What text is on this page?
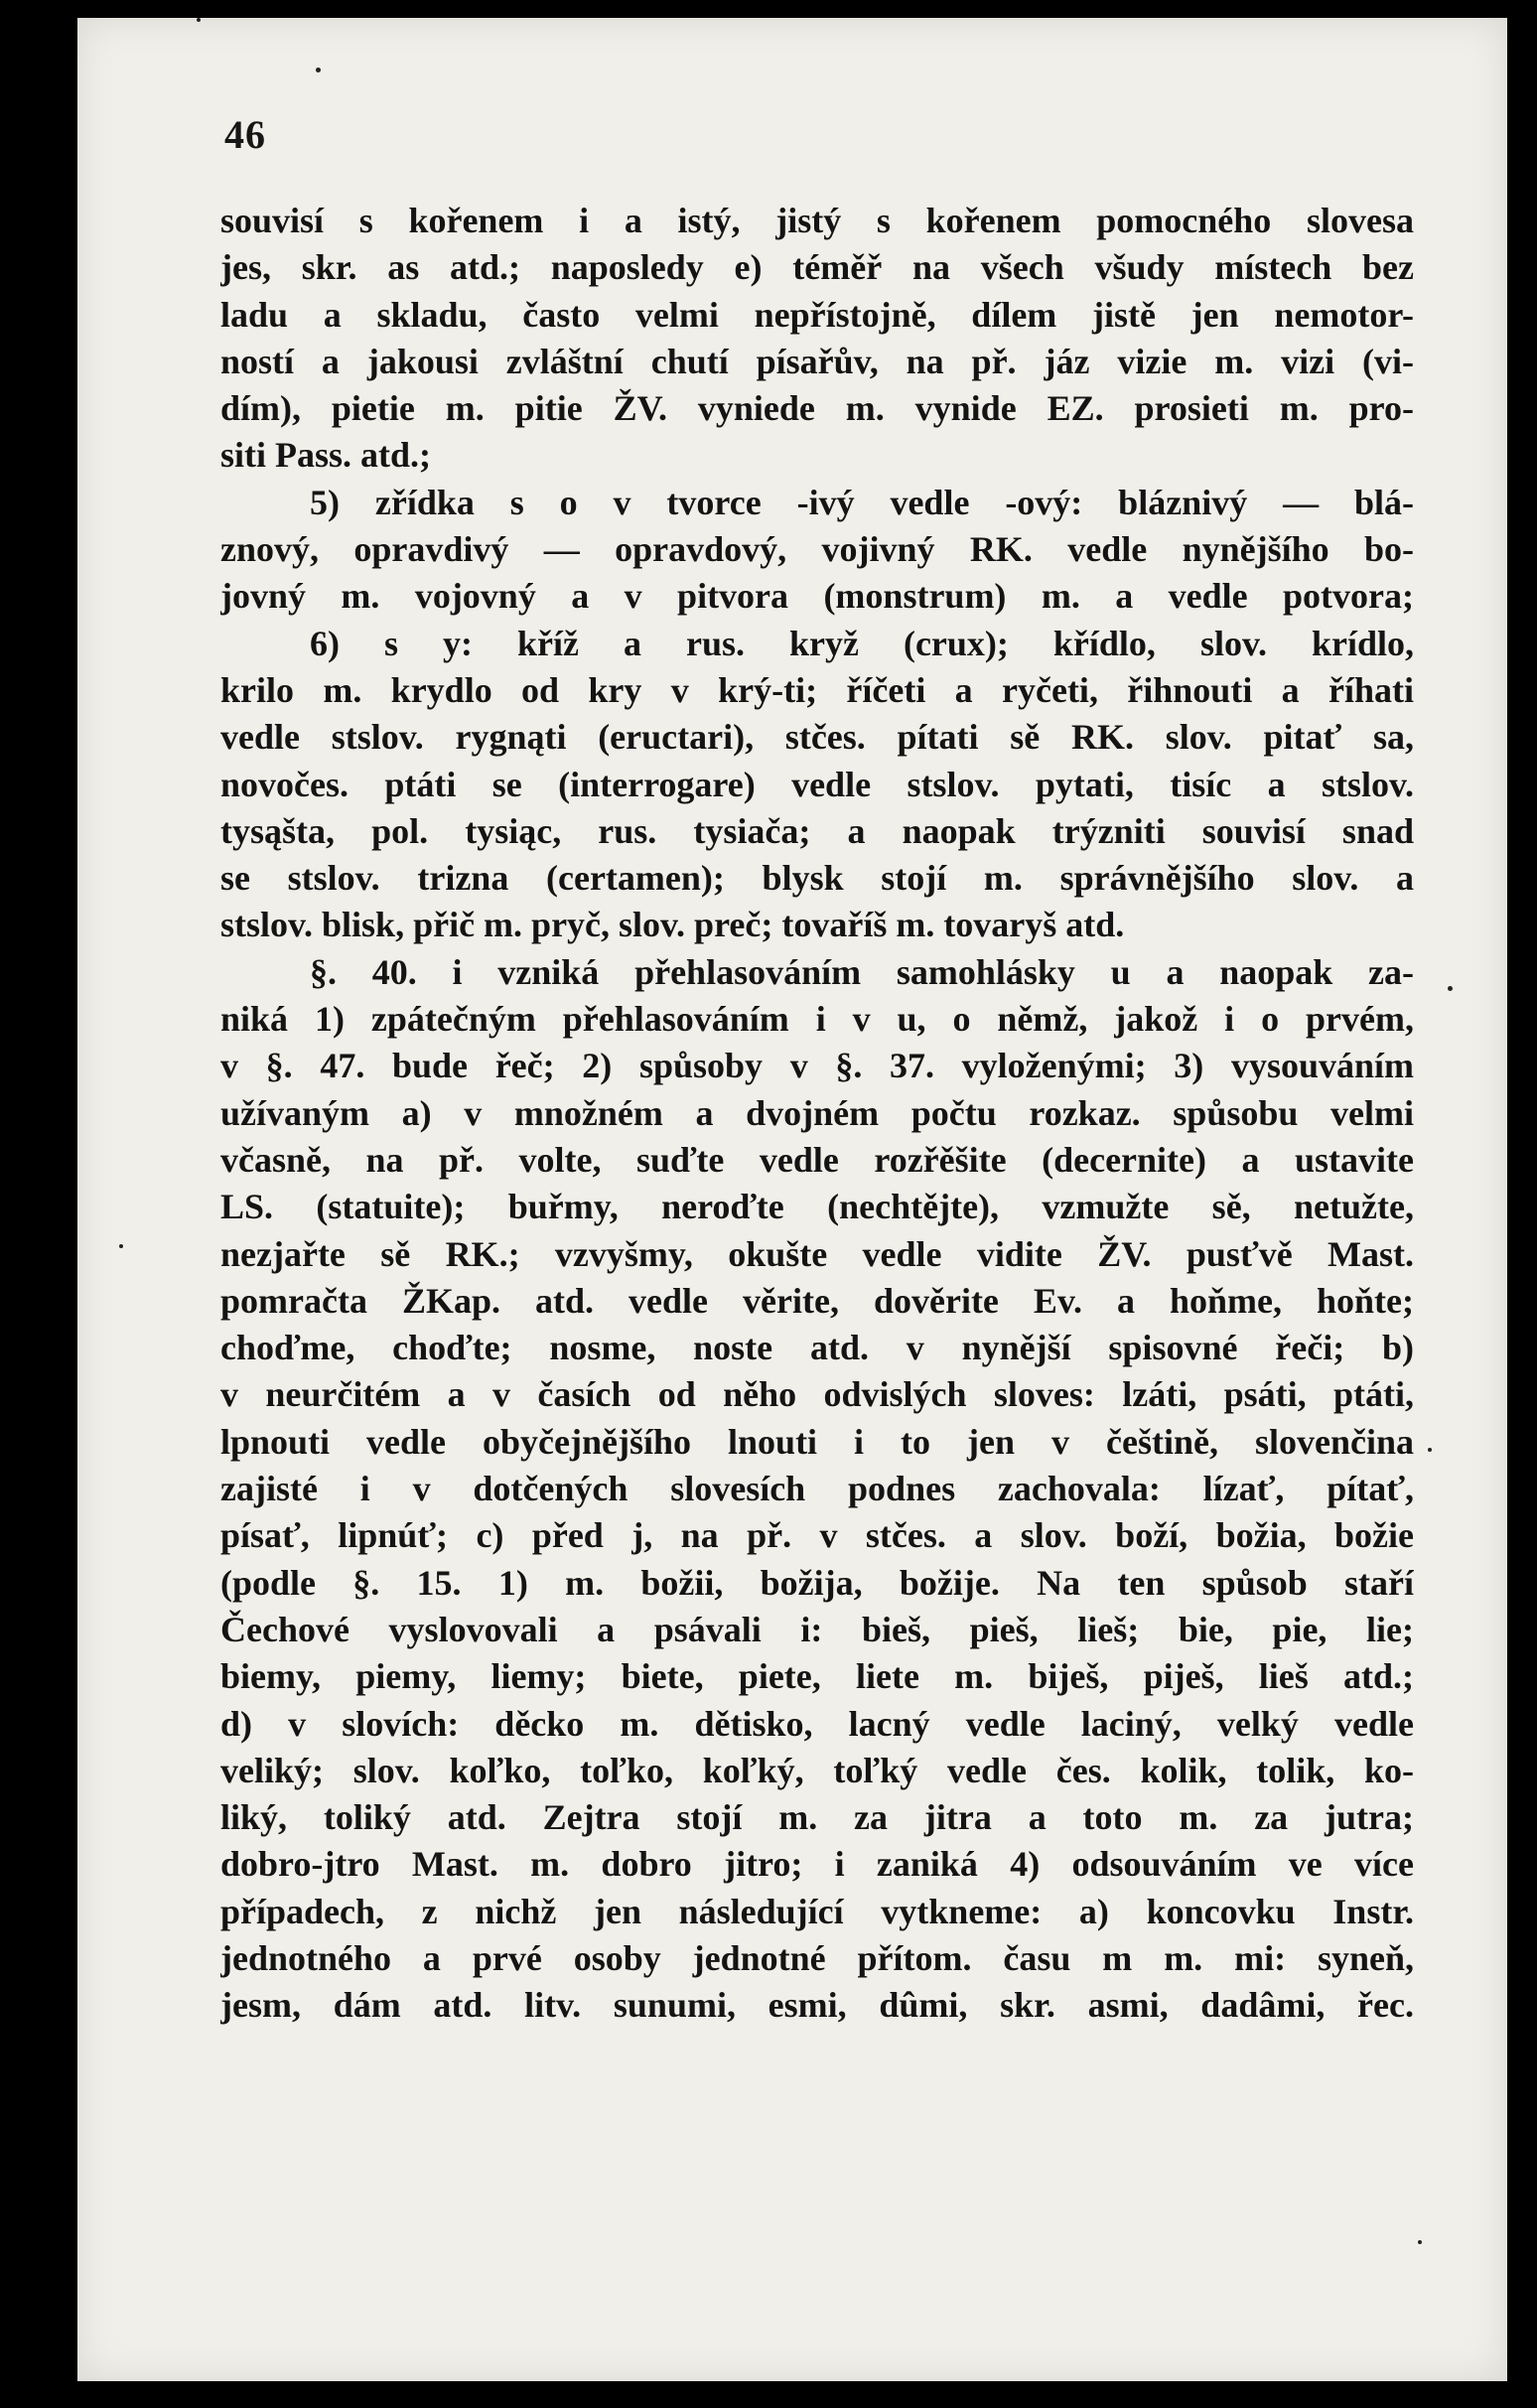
46
souvisí s kořenem i a istý, jistý s kořenem pomocného slovesa
jes, skr. as atd.; naposledy e) téměř na všech všudy místech bez
ladu a skladu, často velmi nepřístojně, dílem jistě jen nemotor-
ností a jakousi zvláštní chutí písařův, na př. jáz vizie m. vizi (vi-
dím), pietie m. pitie ŽV. vyniede m. vynide EZ. prosieti m. pro-
siti Pass. atd.;
5) zřídka s o v tvorce -ivý vedle -ový: bláznivý — blá-
znový, opravdivý — opravdový, vojivný RK. vedle nynějšího bo-
jovný m. vojovný a v pitvora (monstrum) m. a vedle potvora;
6) s y: kříž a rus. kryž (crux); křídlo, slov. krídlo,
krilo m. krydlo od kry v krý-ti; říčeti a ryčeti, řihnouti a říhati
vedle stslov. rygnąti (eructari), stčes. pítati sě RK. slov. pitať sa,
novočes. ptáti se (interrogare) vedle stslov. pytati, tisíc a stslov.
tysąšta, pol. tysiąc, rus. tysiača; a naopak trýzniti souvisí snad
se stslov. trizna (certamen); blysk stojí m. správnějšího slov. a
stslov. blisk, přič m. pryč, slov. preč; tovaříš m. tovaryš atd.
§. 40. i vzniká přehlasováním samohlásky u a naopak za-
niká 1) zpátečným přehlasováním i v u, o němž, jakož i o prvém,
v §. 47. bude řeč; 2) spůsoby v §. 37. vyloženými; 3) vysouváním
užívaným a) v množném a dvojném počtu rozkaz. spůsobu velmi
včasně, na př. volte, suďte vedle rozřěšite (decernite) a ustavite
LS. (statuite); buřmy, neroďte (nechtějte), vzmužte sě, netužte,
nezjařte sě RK.; vzvyšmy, okušte vedle vidite ŽV. pusťvě Mast.
pomračta ŽKap. atd. vedle věrite, dověrite Ev. a hoňme, hoňte;
choďme, choďte; nosme, noste atd. v nynější spisovné řeči; b)
v neurčitém a v časích od něho odvislých sloves: lzáti, psáti, ptáti,
lpnouti vedle obyčejnějšího lnouti i to jen v češtině, slovenčina
zajisté i v dotčených slovesích podnes zachovala: lízať, pítať,
písať, lipnúť; c) před j, na př. v stčes. a slov. boží, božia, božie
(podle §. 15. 1) m. božii, božija, božije. Na ten spůsob staří
Čechové vyslovovali a psávali i: bieš, pieš, lieš; bie, pie, lie;
biemy, piemy, liemy; biete, piete, liete m. biješ, piješ, lieš atd.;
d) v slovích: děcko m. dětisko, lacný vedle laciný, velký vedle
veliký; slov. koľko, toľko, koľký, toľký vedle čes. kolik, tolik, ko-
liký, toliký atd. Zejtra stojí m. za jitra a toto m. za jutra;
dobro-jtro Mast. m. dobro jitro; i zaniká 4) odsouváním ve více
případech, z nichž jen následující vytkneme: a) koncovku Instr.
jednotného a prvé osoby jednotné přítom. času m m. mi: syneň,
jesm, dám atd. litv. sunumi, esmi, dûmi, skr. asmi, dadâmi, řec.
